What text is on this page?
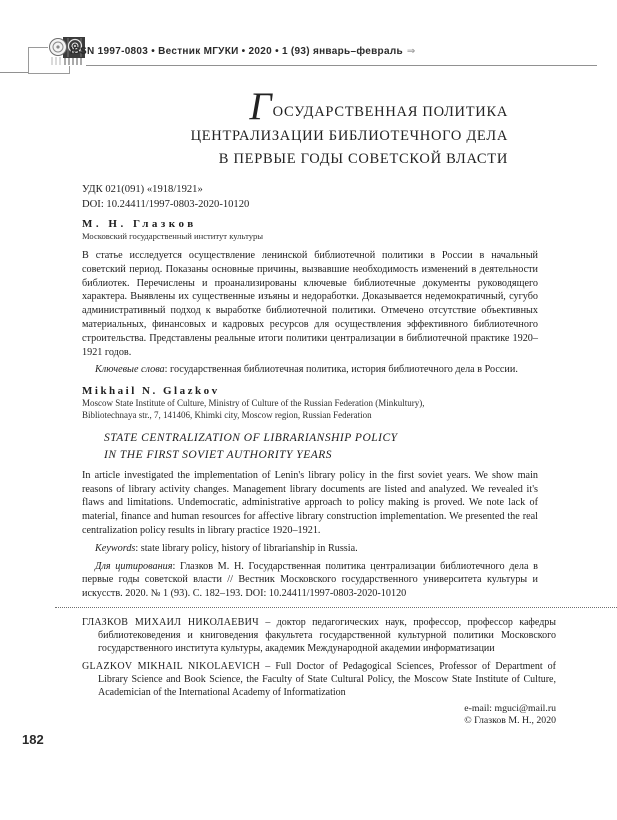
ISSN 1997-0803 • Вестник МГУКИ • 2020 • 1 (93) январь–февраль ⇒
ГОСУДАРСТВЕННАЯ ПОЛИТИКА
ЦЕНТРАЛИЗАЦИИ БИБЛИОТЕЧНОГО ДЕЛА
В ПЕРВЫЕ ГОДЫ СОВЕТСКОЙ ВЛАСТИ

УДК 021(091) «1918/1921»

DOI: 10.24411/1997-0803-2020-10120

М. Н. Глазков

Московский государственный институт культуры

В статье исследуется осуществление ленинской библиотечной политики в России в начальный советский период. Показаны основные причины, вызвавшие необходимость изменений в деятельности библиотек. Перечислены и проанализированы ключевые библиотечные документы руководящего характера. Выявлены их существенные изъяны и недоработки. Доказывается недемократичный, сугубо административный подход к выработке библиотечной политики. Отмечено отсутствие объективных материальных, финансовых и кадровых ресурсов для осуществления эффективного библиотечного строительства. Представлены реальные итоги политики централизации в библиотечной практике 1920–1921 годов.

Ключевые слова: государственная библиотечная политика, история библиотечного дела в России.

Mikhail N. Glazkov

Moscow State Institute of Culture, Ministry of Culture of the Russian Federation (Minkultury),
Bibliotechnaya str., 7, 141406, Khimki city, Moscow region, Russian Federation

STATE CENTRALIZATION OF LIBRARIANSHIP POLICY
IN THE FIRST SOVIET AUTHORITY YEARS

In article investigated the implementation of Lenin's library policy in the first soviet years. We show main reasons of library activity changes. Management library documents are listed and analyzed. We revealed it's flaws and limitations. Undemocratic, administrative approach to policy making is proved. We note lack of material, finance and human resources for affective library construction implementation. We presented the real centralization policy results in library practice 1920–1921.

Keywords: state library policy, history of librarianship in Russia.

Для цитирования: Глазков М. Н. Государственная политика централизации библиотечного дела в первые годы советской власти // Вестник Московского государственного университета культуры и искусств. 2020. № 1 (93). С. 182–193. DOI: 10.24411/1997-0803-2020-10120

ГЛАЗКОВ МИХАИЛ НИКОЛАЕВИЧ – доктор педагогических наук, профессор, профессор кафедры библиотековедения и книговедения факультета государственной культурной политики Московского государственного института культуры, академик Международной академии информатизации

GLAZKOV MIKHAIL NIKOLAEVICH – Full Doctor of Pedagogical Sciences, Professor of Department of Library Science and Book Science, the Faculty of State Cultural Policy, the Moscow State Institute of Culture, Academician of the International Academy of Informatization

e-mail: mguci@mail.ru
© Глазков М. Н., 2020

182
